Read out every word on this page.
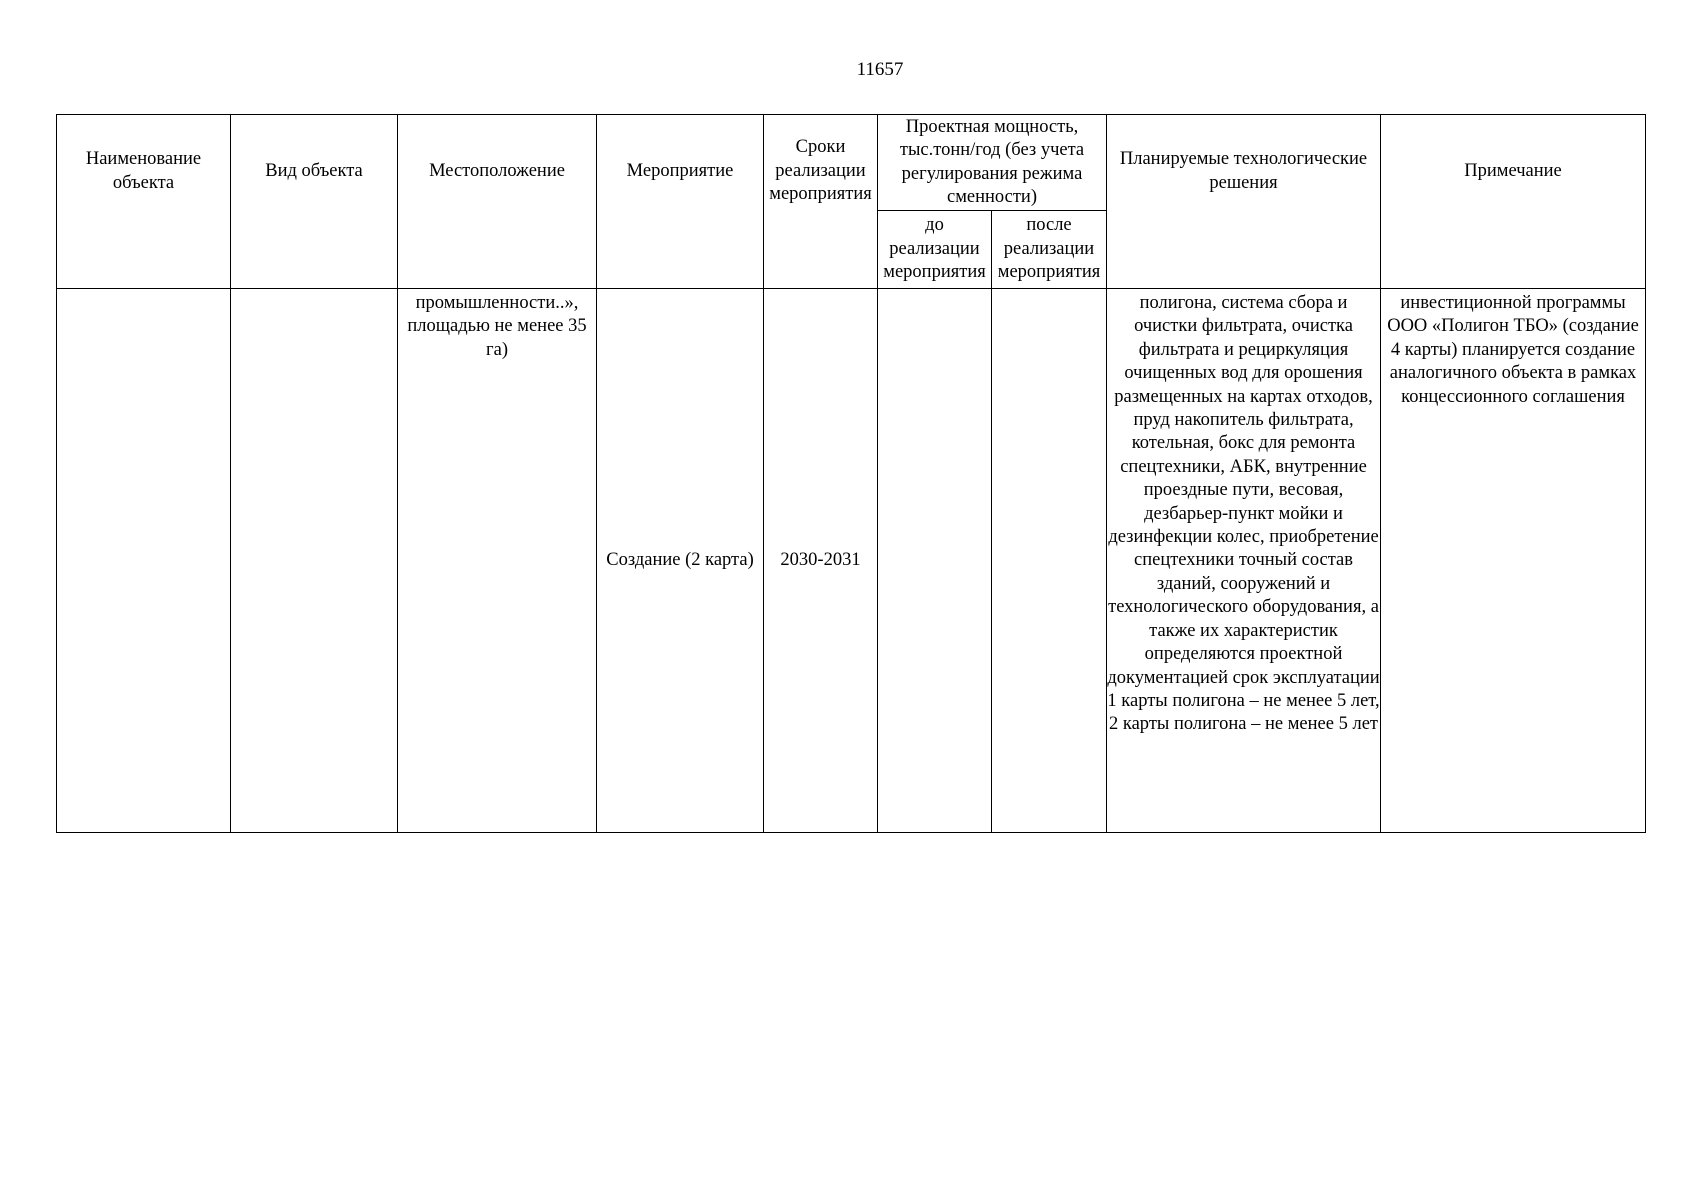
11657
Наименование объекта	Вид объекта	Местоположение	Мероприятие	Сроки реализации мероприятия	Проектная мощность, тыс.тонн/год (без учета регулирования режима сменности)		Планируемые технологические решения	Примечание
					до реализации мероприятия	после реализации мероприятия		
		промышленности..», площадью не менее 35 га)	Создание (2 карта)	2030-2031			полигона, система сбора и очистки фильтрата, очистка фильтрата и рециркуляция очищенных вод для орошения размещенных на картах отходов, пруд накопитель фильтрата, котельная, бокс для ремонта спецтехники, АБК, внутренние проездные пути, весовая, дезбарьер-пункт мойки и дезинфекции колес, приобретение спецтехники точный состав зданий, сооружений и технологического оборудования, а также их характеристик определяются проектной документацией срок эксплуатации 1 карты полигона – не менее 5 лет, 2 карты полигона – не менее 5 лет	инвестиционной программы ООО «Полигон ТБО» (создание 4 карты) планируется создание аналогичного объекта в рамках концессионного соглашения
